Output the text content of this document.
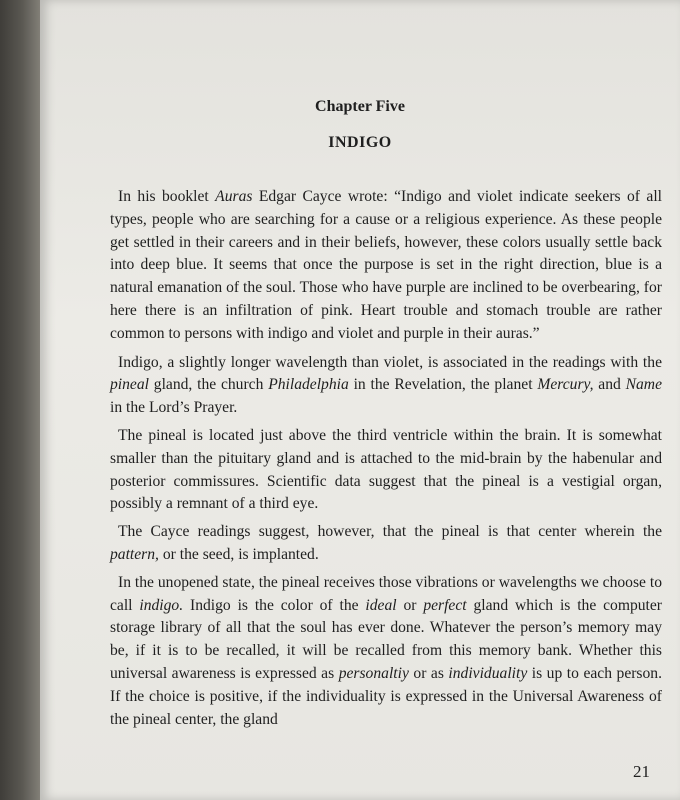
Chapter Five
INDIGO

In his booklet Auras Edgar Cayce wrote: “Indigo and violet indicate seekers of all types, people who are searching for a cause or a religious experience. As these people get settled in their careers and in their beliefs, however, these colors usually settle back into deep blue. It seems that once the purpose is set in the right direction, blue is a natural emanation of the soul. Those who have purple are inclined to be overbearing, for here there is an infiltration of pink. Heart trouble and stomach trouble are rather common to persons with indigo and violet and purple in their auras.”

Indigo, a slightly longer wavelength than violet, is associated in the readings with the pineal gland, the church Philadelphia in the Revelation, the planet Mercury, and Name in the Lord’s Prayer.

The pineal is located just above the third ventricle within the brain. It is somewhat smaller than the pituitary gland and is attached to the mid-brain by the habenular and posterior commissures. Scientific data suggest that the pineal is a vestigial organ, possibly a remnant of a third eye.

The Cayce readings suggest, however, that the pineal is that center wherein the pattern, or the seed, is implanted.

In the unopened state, the pineal receives those vibrations or wavelengths we choose to call indigo. Indigo is the color of the ideal or perfect gland which is the computer storage library of all that the soul has ever done. Whatever the person’s memory may be, if it is to be recalled, it will be recalled from this memory bank. Whether this universal awareness is expressed as personaltiy or as individuality is up to each person. If the choice is positive, if the individuality is expressed in the Universal Awareness of the pineal center, the gland

21
